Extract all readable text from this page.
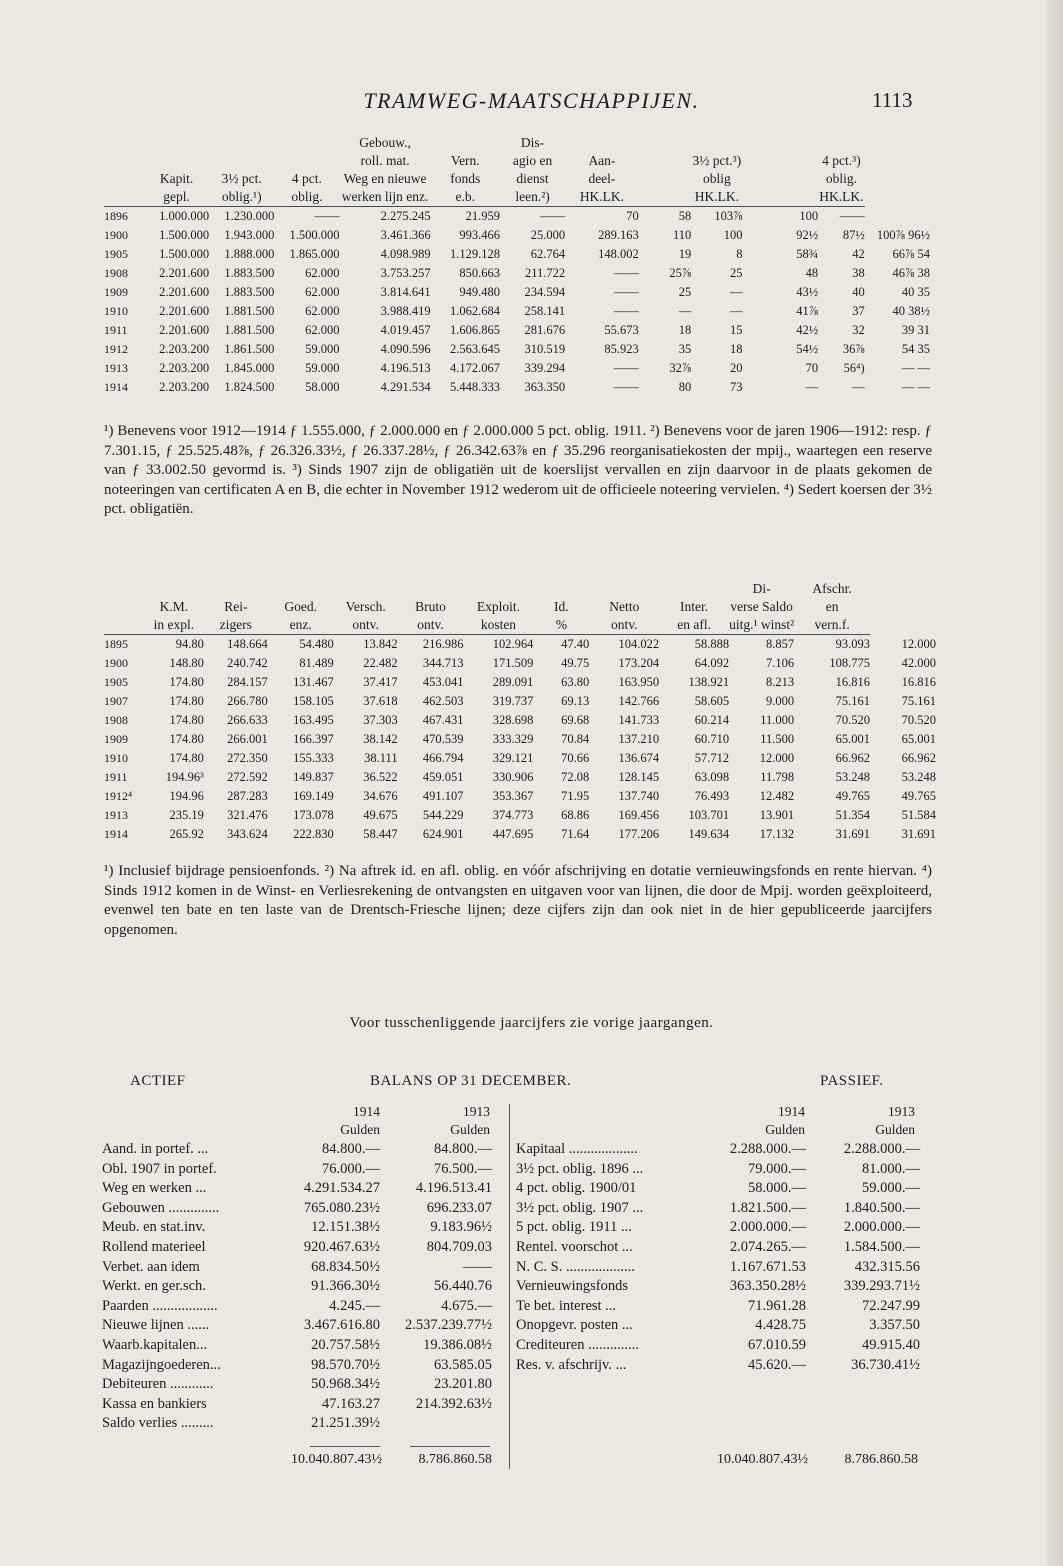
TRAMWEG-MAATSCHAPPIJEN.	1113
				Gebouw.,		Dis-						
				roll. mat.	Vern.	agio en	Aan-		3½ pct.³)		4 pct.³)	
	Kapit.	3½ pct.	4 pct.	Weg en nieuwe	fonds	dienst	deel-		oblig		oblig.	
	gepl.	oblig.¹)	oblig.	werken lijn enz.	e.b.	leen.²)	HK.LK.		HK.LK.		HK.LK.	
1896	1.000.000	1.230.000	——	2.275.245	21.959	——	70	58	103⅞	100	——	
1900	1.500.000	1.943.000	1.500.000	3.461.366	993.466	25.000	289.163	110	100	92½	87½	100⅞ 96½
1905	1.500.000	1.888.000	1.865.000	4.098.989	1.129.128	62.764	148.002	19	8	58¾	42	66⅞ 54
1908	2.201.600	1.883.500	62.000	3.753.257	850.663	211.722	——	25⅞	25	48	38	46⅞ 38
1909	2.201.600	1.883.500	62.000	3.814.641	949.480	234.594	——	25	—	43½	40	40 35
1910	2.201.600	1.881.500	62.000	3.988.419	1.062.684	258.141	——	—	—	41⅞	37	40 38½
1911	2.201.600	1.881.500	62.000	4.019.457	1.606.865	281.676	55.673	18	15	42½	32	39 31
1912	2.203.200	1.861.500	59.000	4.090.596	2.563.645	310.519	85.923	35	18	54½	36⅞	54 35
1913	2.203.200	1.845.000	59.000	4.196.513	4.172.067	339.294	——	32⅞	20	70	56⁴)	— —
1914	2.203.200	1.824.500	58.000	4.291.534	5.448.333	363.350	——	80	73	—	—	— —

¹) Benevens voor 1912—1914 ƒ 1.555.000, ƒ 2.000.000 en ƒ 2.000.000 5 pct. oblig. 1911. ²) Benevens voor de jaren 1906—1912: resp. ƒ 7.301.15, ƒ 25.525.48⅞, ƒ 26.326.33½, ƒ 26.337.28½, ƒ 26.342.63⅞ en ƒ 35.296 reorganisatiekosten der mpij., waartegen een reserve van ƒ 33.002.50 gevormd is. ³) Sinds 1907 zijn de obligatiën uit de koerslijst vervallen en zijn daarvoor in de plaats gekomen de noteeringen van certificaten A en B, die echter in November 1912 wederom uit de officieele noteering vervielen. ⁴) Sedert koersen der 3½ pct. obligatiën.

										Di-	Afschr.	
	K.M.	Rei-	Goed.	Versch.	Bruto	Exploit.	Id.	Netto	Inter.	verse Saldo	en	
	in expl.	zigers	enz.	ontv.	ontv.	kosten	%	ontv.	en afl.	uitg.¹ winst²	vern.f.	
1895	94.80	148.664	54.480	13.842	216.986	102.964	47.40	104.022	58.888	8.857	93.093	12.000
1900	148.80	240.742	81.489	22.482	344.713	171.509	49.75	173.204	64.092	7.106	108.775	42.000
1905	174.80	284.157	131.467	37.417	453.041	289.091	63.80	163.950	138.921	8.213	16.816	16.816
1907	174.80	266.780	158.105	37.618	462.503	319.737	69.13	142.766	58.605	9.000	75.161	75.161
1908	174.80	266.633	163.495	37.303	467.431	328.698	69.68	141.733	60.214	11.000	70.520	70.520
1909	174.80	266.001	166.397	38.142	470.539	333.329	70.84	137.210	60.710	11.500	65.001	65.001
1910	174.80	272.350	155.333	38.111	466.794	329.121	70.66	136.674	57.712	12.000	66.962	66.962
1911	194.96³	272.592	149.837	36.522	459.051	330.906	72.08	128.145	63.098	11.798	53.248	53.248
1912⁴	194.96	287.283	169.149	34.676	491.107	353.367	71.95	137.740	76.493	12.482	49.765	49.765
1913	235.19	321.476	173.078	49.675	544.229	374.773	68.86	169.456	103.701	13.901	51.354	51.584
1914	265.92	343.624	222.830	58.447	624.901	447.695	71.64	177.206	149.634	17.132	31.691	31.691

¹) Inclusief bijdrage pensioenfonds. ²) Na aftrek id. en afl. oblig. en vóór afschrijving en dotatie vernieuwingsfonds en rente hiervan. ⁴) Sinds 1912 komen in de Winst- en Verliesrekening de ontvangsten en uitgaven voor van lijnen, die door de Mpij. worden geëxploiteerd, evenwel ten bate en ten laste van de Drentsch-Friesche lijnen; deze cijfers zijn dan ook niet in de hier gepubliceerde jaarcijfers opgenomen.

Voor tusschenliggende jaarcijfers zie vorige jaargangen.
ACTIEF	BALANS OP 31 DECEMBER.	PASSIEF.
1914
Gulden
1913
Gulden
1914
Gulden
1913
Gulden
Aand. in portef. ...	84.800.—	84.800.—
Obl. 1907 in portef.	76.000.—	76.500.—
Weg en werken ...	4.291.534.27 4.196.513.41
Gebouwen ..............	765.080.23½	696.233.07
Meub. en stat.inv.	12.151.38½	9.183.96½
Rollend materieel	920.467.63½	804.709.03
Verbet. aan idem	68.834.50½	——
Werkt. en ger.sch.	91.366.30½	56.440.76
Paarden ..................	4.245.—	4.675.—
Nieuwe lijnen ......	3.467.616.80 2.537.239.77½
Waarb.kapitalen...	20.757.58½	19.386.08½
Magazijngoederen...	98.570.70½	63.585.05
Debiteuren ............	50.968.34½	23.201.80
Kassa en bankiers	47.163.27 214.392.63½
Saldo verlies .........	21.251.39½
Kapitaal ...................	2.288.000.—	2.288.000.—
3½ pct. oblig. 1896 ...	79.000.—	81.000.—
4 pct. oblig. 1900/01	58.000.—	59.000.—
3½ pct. oblig. 1907 ...	1.821.500.—	1.840.500.—
5 pct. oblig. 1911 ...	2.000.000.—	2.000.000.—
Rentel. voorschot ...	2.074.265.—	1.584.500.—
N. C. S. ...................	1.167.671.53	432.315.56
Vernieuwingsfonds	363.350.28½	339.293.71½
Te bet. interest ...	71.961.28	72.247.99
Onopgevr. posten ...	4.428.75	3.357.50
Crediteuren ..............	67.010.59	49.915.40
Res. v. afschrijv. ...	45.620.—	36.730.41½
10.040.807.43½	8.786.860.58	10.040.807.43½	8.786.860.58
